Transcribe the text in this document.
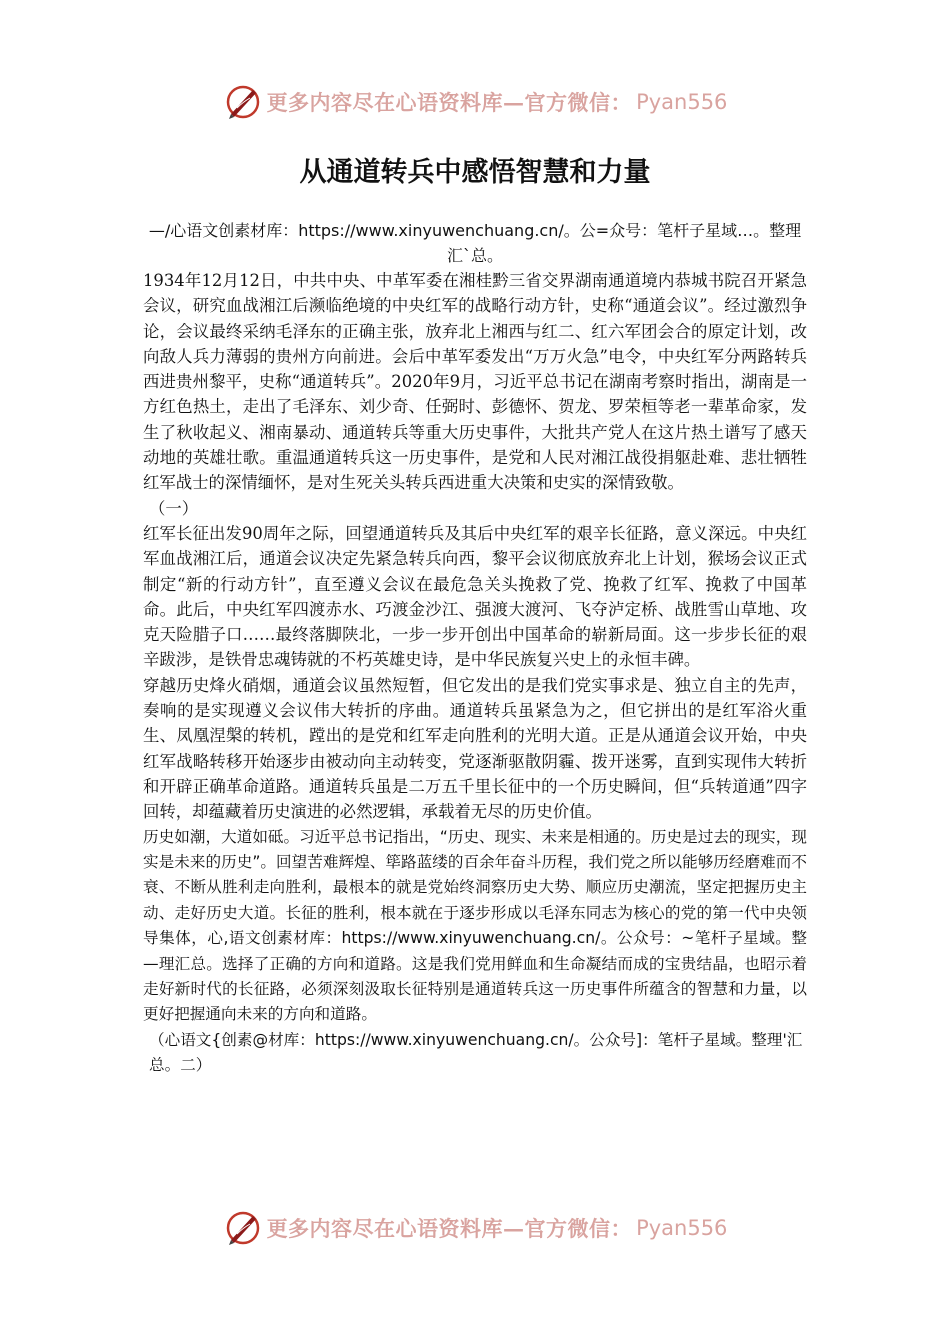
更多内容尽在心语资料库—官方微信： Pyan556
从通道转兵中感悟智慧和力量

—/心语文创素材库：https://www.xinyuwenchuang.cn/。公=众号：笔杆子星域…。整理汇`总。

1934年12月12日，中共中央、中革军委在湘桂黔三省交界湖南通道境内恭城书院召开紧急会议，研究血战湘江后濒临绝境的中央红军的战略行动方针，史称“通道会议”。经过激烈争论，会议最终采纳毛泽东的正确主张，放弃北上湘西与红二、红六军团会合的原定计划，改向敌人兵力薄弱的贵州方向前进。会后中革军委发出“万万火急”电令，中央红军分两路转兵西进贵州黎平，史称“通道转兵”。2020年9月，习近平总书记在湖南考察时指出，湖南是一方红色热土，走出了毛泽东、刘少奇、任弼时、彭德怀、贺龙、罗荣桓等老一辈革命家，发生了秋收起义、湘南暴动、通道转兵等重大历史事件，大批共产党人在这片热土谱写了感天动地的英雄壮歌。重温通道转兵这一历史事件，是党和人民对湘江战役捐躯赴难、悲壮牺牲红军战士的深情缅怀，是对生死关头转兵西进重大决策和史实的深情致敬。

（一）

红军长征出发90周年之际，回望通道转兵及其后中央红军的艰辛长征路，意义深远。中央红军血战湘江后，通道会议决定先紧急转兵向西，黎平会议彻底放弃北上计划，猴场会议正式制定“新的行动方针”，直至遵义会议在最危急关头挽救了党、挽救了红军、挽救了中国革命。此后，中央红军四渡赤水、巧渡金沙江、强渡大渡河、飞夺泸定桥、战胜雪山草地、攻克天险腊子口……最终落脚陕北，一步一步开创出中国革命的崭新局面。这一步步长征的艰辛跋涉，是铁骨忠魂铸就的不朽英雄史诗，是中华民族复兴史上的永恒丰碑。

穿越历史烽火硝烟，通道会议虽然短暂，但它发出的是我们党实事求是、独立自主的先声，奏响的是实现遵义会议伟大转折的序曲。通道转兵虽紧急为之，但它拼出的是红军浴火重生、凤凰涅槃的转机，蹚出的是党和红军走向胜利的光明大道。正是从通道会议开始，中央红军战略转移开始逐步由被动向主动转变，党逐渐驱散阴霾、拨开迷雾，直到实现伟大转折和开辟正确革命道路。通道转兵虽是二万五千里长征中的一个历史瞬间，但“兵转道通”四字回转，却蕴藏着历史演进的必然逻辑，承载着无尽的历史价值。

历史如潮，大道如砥。习近平总书记指出，“历史、现实、未来是相通的。历史是过去的现实，现实是未来的历史”。回望苦难辉煌、筚路蓝缕的百余年奋斗历程，我们党之所以能够历经磨难而不衰、不断从胜利走向胜利，最根本的就是党始终洞察历史大势、顺应历史潮流，坚定把握历史主动、走好历史大道。长征的胜利，根本就在于逐步形成以毛泽东同志为核心的党的第一代中央领导集体，心,语文创素材库：https://www.xinyuwenchuang.cn/。公众号：~笔杆子星域。整—理汇总。选择了正确的方向和道路。这是我们党用鲜血和生命凝结而成的宝贵结晶，也昭示着走好新时代的长征路，必须深刻汲取长征特别是通道转兵这一历史事件所蕴含的智慧和力量，以更好把握通向未来的方向和道路。

（心语文{创素@材库：https://www.xinyuwenchuang.cn/。公众号]：笔杆子星域。整理'汇总。二）

更多内容尽在心语资料库—官方微信： Pyan556
